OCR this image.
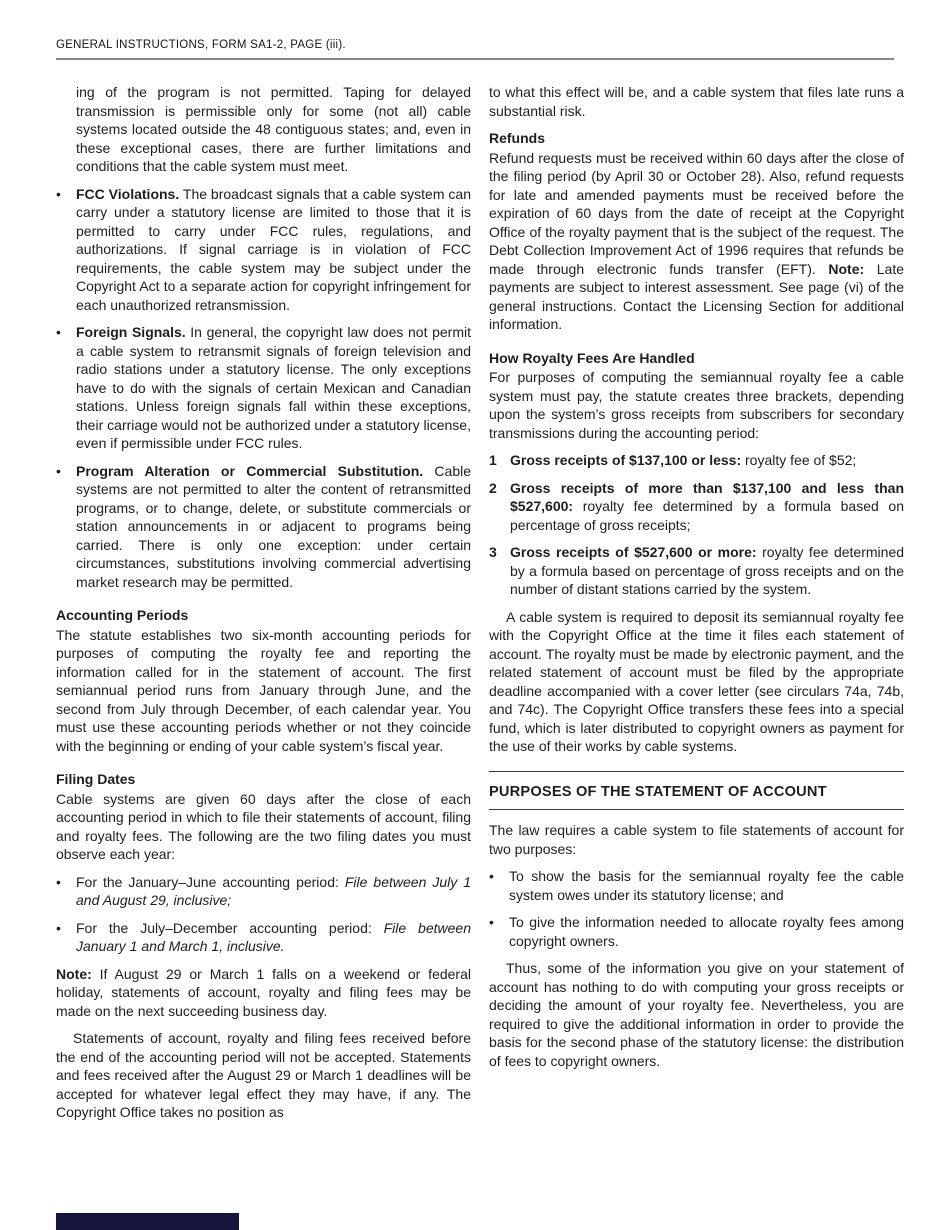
GENERAL INSTRUCTIONS, FORM SA1-2, PAGE (iii).

ing of the program is not permitted. Taping for delayed transmission is permissible only for some (not all) cable systems located outside the 48 contiguous states; and, even in these exceptional cases, there are further limitations and conditions that the cable system must meet.

•	FCC Violations. The broadcast signals that a cable system can carry under a statutory license are limited to those that it is permitted to carry under FCC rules, regulations, and authorizations. If signal carriage is in violation of FCC requirements, the cable system may be subject under the Copyright Act to a separate action for copyright infringement for each unauthorized retransmission.
•	Foreign Signals. In general, the copyright law does not permit a cable system to retransmit signals of foreign television and radio stations under a statutory license. The only exceptions have to do with the signals of certain Mexican and Canadian stations. Unless foreign signals fall within these exceptions, their carriage would not be authorized under a statutory license, even if permissible under FCC rules.
•	Program Alteration or Commercial Substitution. Cable systems are not permitted to alter the content of retransmitted programs, or to change, delete, or substitute commercials or station announcements in or adjacent to programs being carried. There is only one exception: under certain circumstances, substitutions involving commercial advertising market research may be permitted.
Accounting Periods

The statute establishes two six-month accounting periods for purposes of computing the royalty fee and reporting the information called for in the statement of account. The first semiannual period runs from January through June, and the second from July through December, of each calendar year. You must use these accounting periods whether or not they coincide with the beginning or ending of your cable system’s fiscal year.

Filing Dates

Cable systems are given 60 days after the close of each accounting period in which to file their statements of account, filing and royalty fees. The following are the two filing dates you must observe each year:

•	For the January–June accounting period: File between July 1 and August 29, inclusive;
•	For the July–December accounting period: File between January 1 and March 1, inclusive.

Note: If August 29 or March 1 falls on a weekend or federal holiday, statements of account, royalty and filing fees may be made on the next succeeding business day.

Statements of account, royalty and filing fees received before the end of the accounting period will not be accepted. Statements and fees received after the August 29 or March 1 deadlines will be accepted for whatever legal effect they may have, if any. The Copyright Office takes no position as

to what this effect will be, and a cable system that files late runs a substantial risk.

Refunds

Refund requests must be received within 60 days after the close of the filing period (by April 30 or October 28). Also, refund requests for late and amended payments must be received before the expiration of 60 days from the date of receipt at the Copyright Office of the royalty payment that is the subject of the request. The Debt Collection Improvement Act of 1996 requires that refunds be made through electronic funds transfer (EFT). Note: Late payments are subject to interest assessment. See page (vi) of the general instructions. Contact the Licensing Section for additional information.

How Royalty Fees Are Handled

For purposes of computing the semiannual royalty fee a cable system must pay, the statute creates three brackets, depending upon the system’s gross receipts from subscribers for secondary transmissions during the accounting period:

1 Gross receipts of $137,100 or less: royalty fee of $52;
2 Gross receipts of more than $137,100 and less than $527,600: royalty fee determined by a formula based on percentage of gross receipts;
3 Gross receipts of $527,600 or more: royalty fee determined by a formula based on percentage of gross receipts and on the number of distant stations carried by the system.

A cable system is required to deposit its semiannual royalty fee with the Copyright Office at the time it files each statement of account. The royalty must be made by electronic payment, and the related statement of account must be filed by the appropriate deadline accompanied with a cover letter (see circulars 74a, 74b, and 74c). The Copyright Office transfers these fees into a special fund, which is later distributed to copyright owners as payment for the use of their works by cable systems.

PURPOSES OF THE STATEMENT OF ACCOUNT

The law requires a cable system to file statements of account for two purposes:

•	To show the basis for the semiannual royalty fee the cable system owes under its statutory license; and
•	To give the information needed to allocate royalty fees among copyright owners.

Thus, some of the information you give on your statement of account has nothing to do with computing your gross receipts or deciding the amount of your royalty fee. Nevertheless, you are required to give the additional information in order to provide the basis for the second phase of the statutory license: the distribution of fees to copyright owners.
